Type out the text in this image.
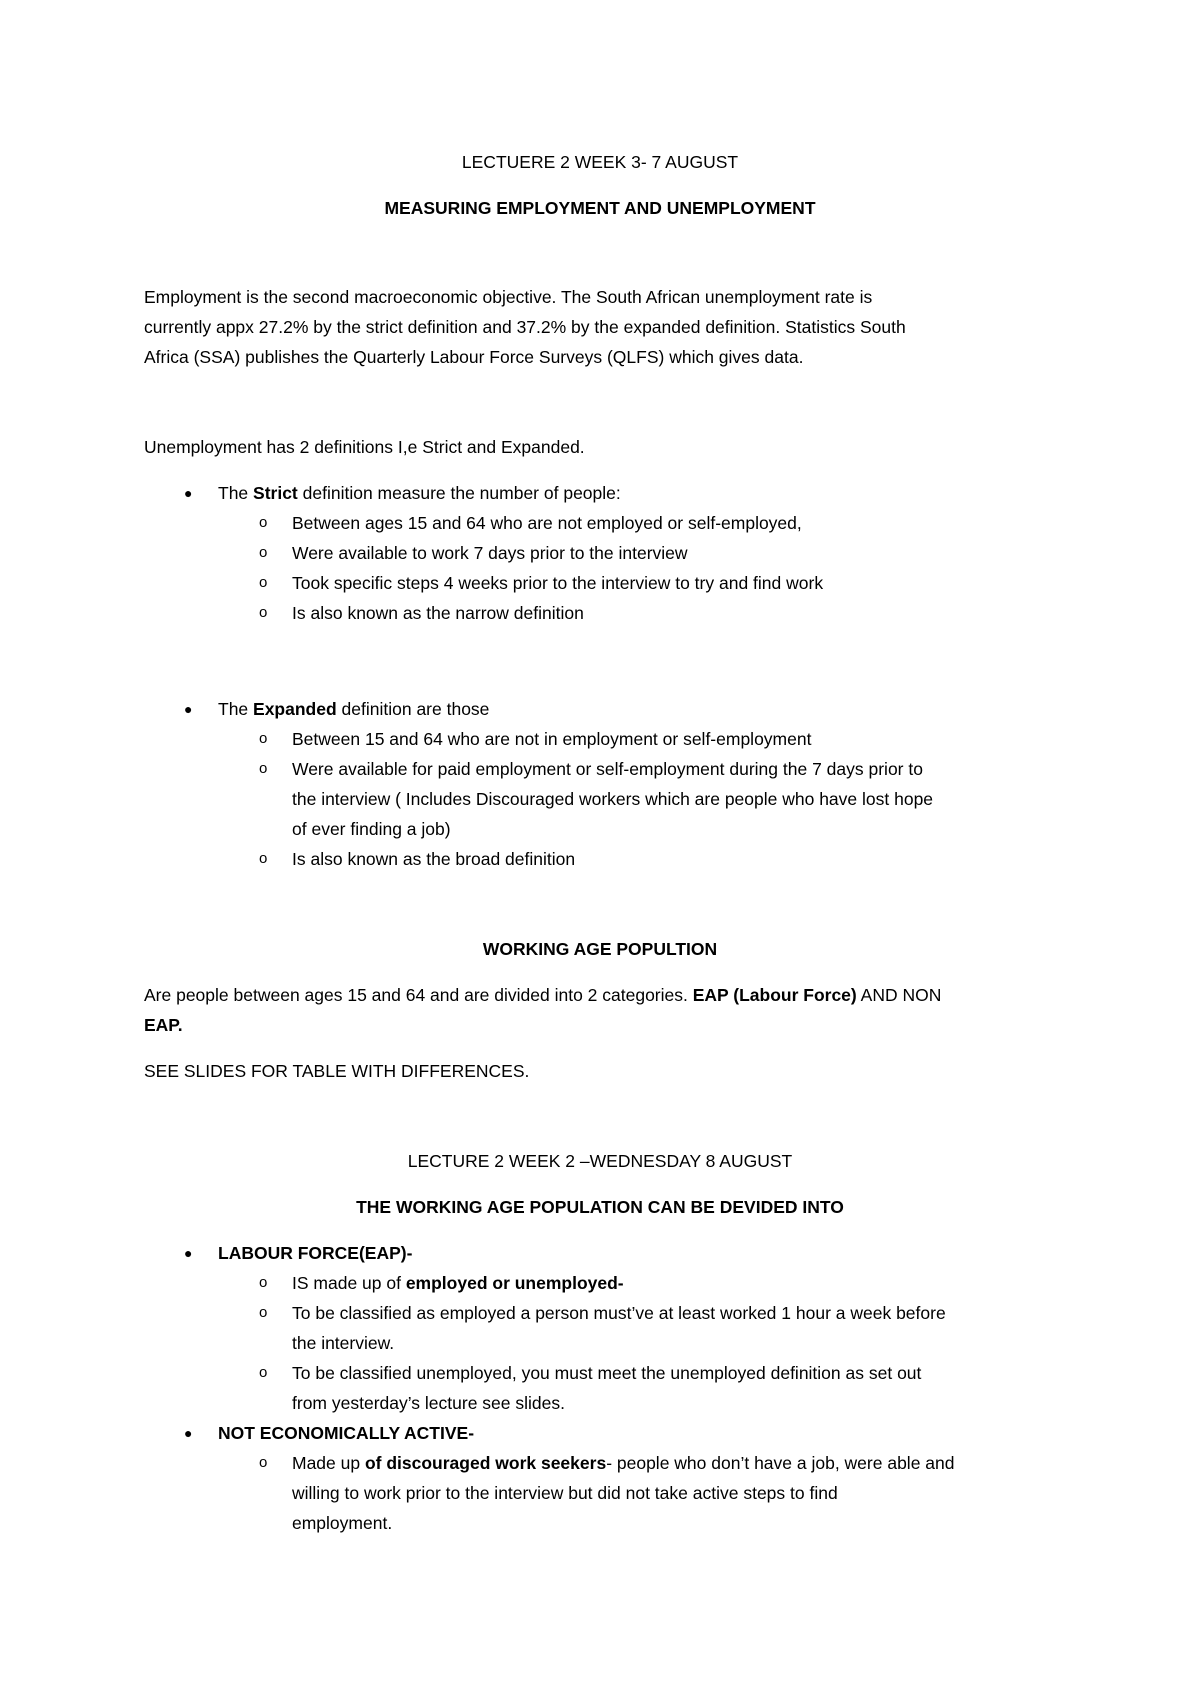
LECTUERE 2 WEEK 3- 7 AUGUST

MEASURING EMPLOYMENT AND UNEMPLOYMENT

Employment is the second macroeconomic objective. The South African unemployment rate is

currently appx 27.2% by the strict definition and 37.2% by the expanded definition. Statistics South

Africa (SSA) publishes the Quarterly Labour Force Surveys (QLFS) which gives data.

Unemployment has 2 definitions I,e Strict and Expanded.

● The Strict definition measure the number of people:

o Between ages 15 and 64 who are not employed or self-employed,

o Were available to work 7 days prior to the interview

o Took specific steps 4 weeks prior to the interview to try and find work

o Is also known as the narrow definition

● The Expanded definition are those

o Between 15 and 64 who are not in employment or self-employment

o Were available for paid employment or self-employment during the 7 days prior to

the interview ( Includes Discouraged workers which are people who have lost hope

of ever finding a job)

o Is also known as the broad definition

WORKING AGE POPULTION

Are people between ages 15 and 64 and are divided into 2 categories. EAP (Labour Force) AND NON

EAP.

SEE SLIDES FOR TABLE WITH DIFFERENCES.

LECTURE 2 WEEK 2 –WEDNESDAY 8 AUGUST

THE WORKING AGE POPULATION CAN BE DEVIDED INTO

● LABOUR FORCE(EAP)-

o IS made up of employed or unemployed-

o To be classified as employed a person must’ve at least worked 1 hour a week before

the interview.

o To be classified unemployed, you must meet the unemployed definition as set out

from yesterday’s lecture see slides.

● NOT ECONOMICALLY ACTIVE-

o Made up of discouraged work seekers- people who don’t have a job, were able and

willing to work prior to the interview but did not take active steps to find

employment.
